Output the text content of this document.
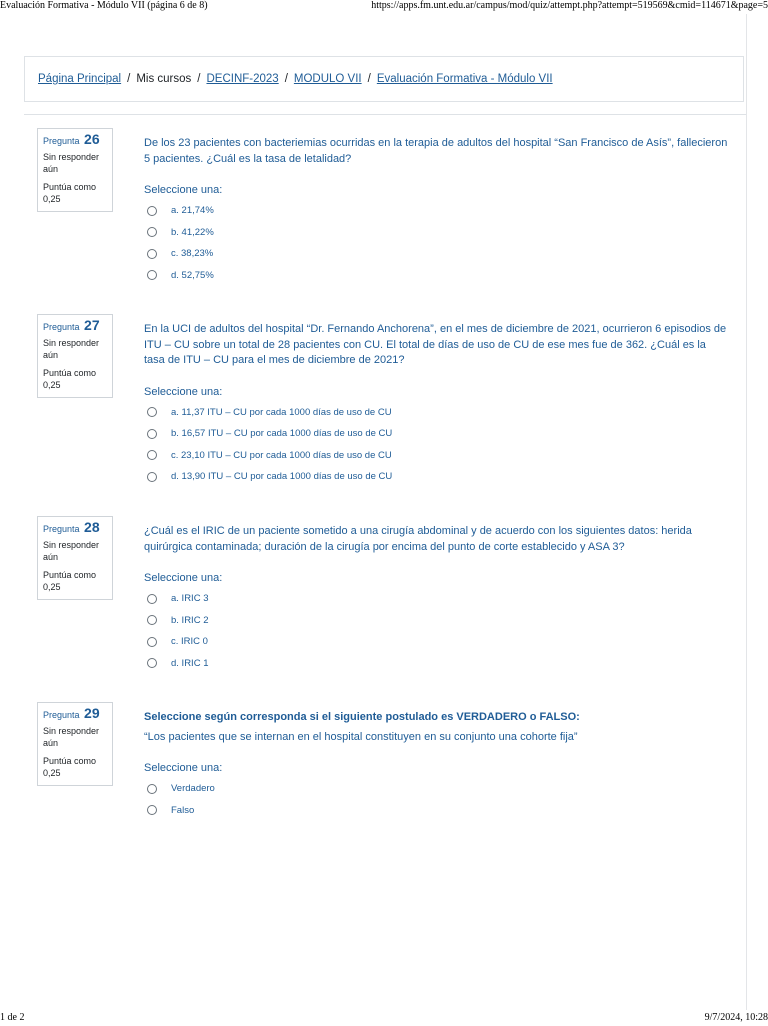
Evaluación Formativa - Módulo VII (página 6 de 8)	https://apps.fm.unt.edu.ar/campus/mod/quiz/attempt.php?attempt=519569&cmid=114671&page=5
Página Principal / Mis cursos / DECINF-2023 / MODULO VII / Evaluación Formativa - Módulo VII
Pregunta 26
Sin responder aún
Puntúa como 0,25
De los 23 pacientes con bacteriemias ocurridas en la terapia de adultos del hospital “San Francisco de Asís”, fallecieron 5 pacientes. ¿Cuál es la tasa de letalidad?
Seleccione una:
a. 21,74%
b. 41,22%
c. 38,23%
d. 52,75%
Pregunta 27
Sin responder aún
Puntúa como 0,25
En la UCI de adultos del hospital “Dr. Fernando Anchorena”, en el mes de diciembre de 2021, ocurrieron 6 episodios de ITU – CU sobre un total de 28 pacientes con CU. El total de días de uso de CU de ese mes fue de 362. ¿Cuál es la tasa de ITU – CU para el mes de diciembre de 2021?
Seleccione una:
a. 11,37 ITU – CU por cada 1000 días de uso de CU
b. 16,57 ITU – CU por cada 1000 días de uso de CU
c. 23,10 ITU – CU por cada 1000 días de uso de CU
d. 13,90 ITU – CU por cada 1000 días de uso de CU
Pregunta 28
Sin responder aún
Puntúa como 0,25
¿Cuál es el IRIC de un paciente sometido a una cirugía abdominal y de acuerdo con los siguientes datos: herida quirúrgica contaminada; duración de la cirugía por encima del punto de corte establecido y ASA 3?
Seleccione una:
a. IRIC 3
b. IRIC 2
c. IRIC 0
d. IRIC 1
Pregunta 29
Sin responder aún
Puntúa como 0,25
Seleccione según corresponda si el siguiente postulado es VERDADERO o FALSO:
“Los pacientes que se internan en el hospital constituyen en su conjunto una cohorte fija”
Seleccione una:
Verdadero
Falso
1 de 2	9/7/2024, 10:28
